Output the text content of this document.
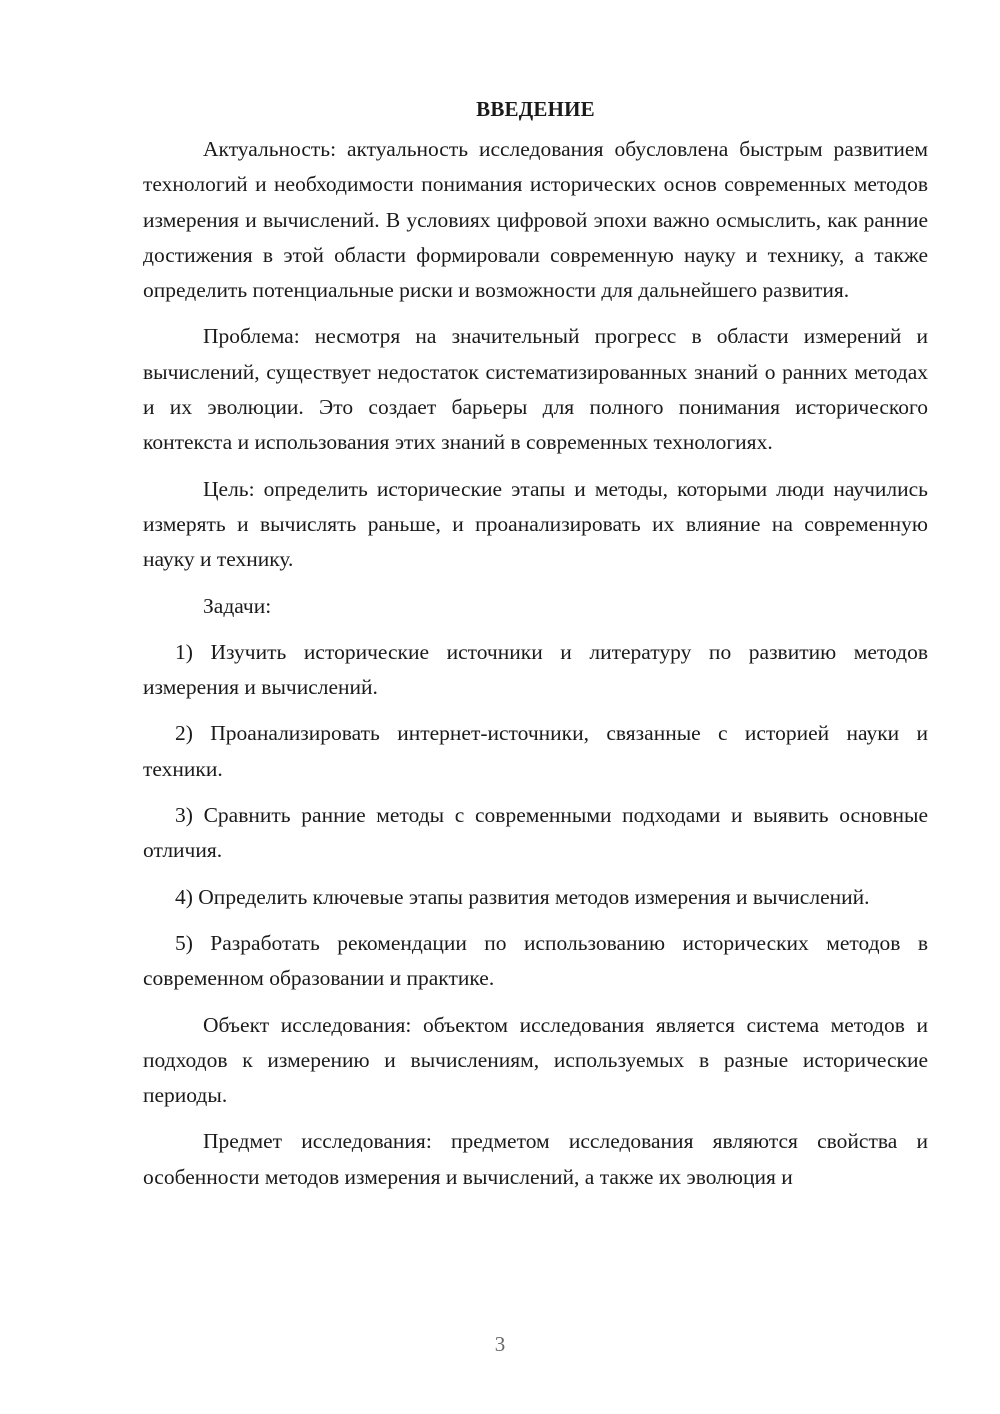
ВВЕДЕНИЕ

Актуальность: актуальность исследования обусловлена быстрым развитием технологий и необходимости понимания исторических основ современных методов измерения и вычислений. В условиях цифровой эпохи важно осмыслить, как ранние достижения в этой области формировали современную науку и технику, а также определить потенциальные риски и возможности для дальнейшего развития.

Проблема: несмотря на значительный прогресс в области измерений и вычислений, существует недостаток систематизированных знаний о ранних методах и их эволюции. Это создает барьеры для полного понимания исторического контекста и использования этих знаний в современных технологиях.

Цель: определить исторические этапы и методы, которыми люди научились измерять и вычислять раньше, и проанализировать их влияние на современную науку и технику.

Задачи:

1) Изучить исторические источники и литературу по развитию методов измерения и вычислений.

2) Проанализировать интернет-источники, связанные с историей науки и техники.

3) Сравнить ранние методы с современными подходами и выявить основные отличия.

4) Определить ключевые этапы развития методов измерения и вычислений.

5) Разработать рекомендации по использованию исторических методов в современном образовании и практике.

Объект исследования: объектом исследования является система методов и подходов к измерению и вычислениям, используемых в разные исторические периоды.

Предмет исследования: предметом исследования являются свойства и особенности методов измерения и вычислений, а также их эволюция и

3
